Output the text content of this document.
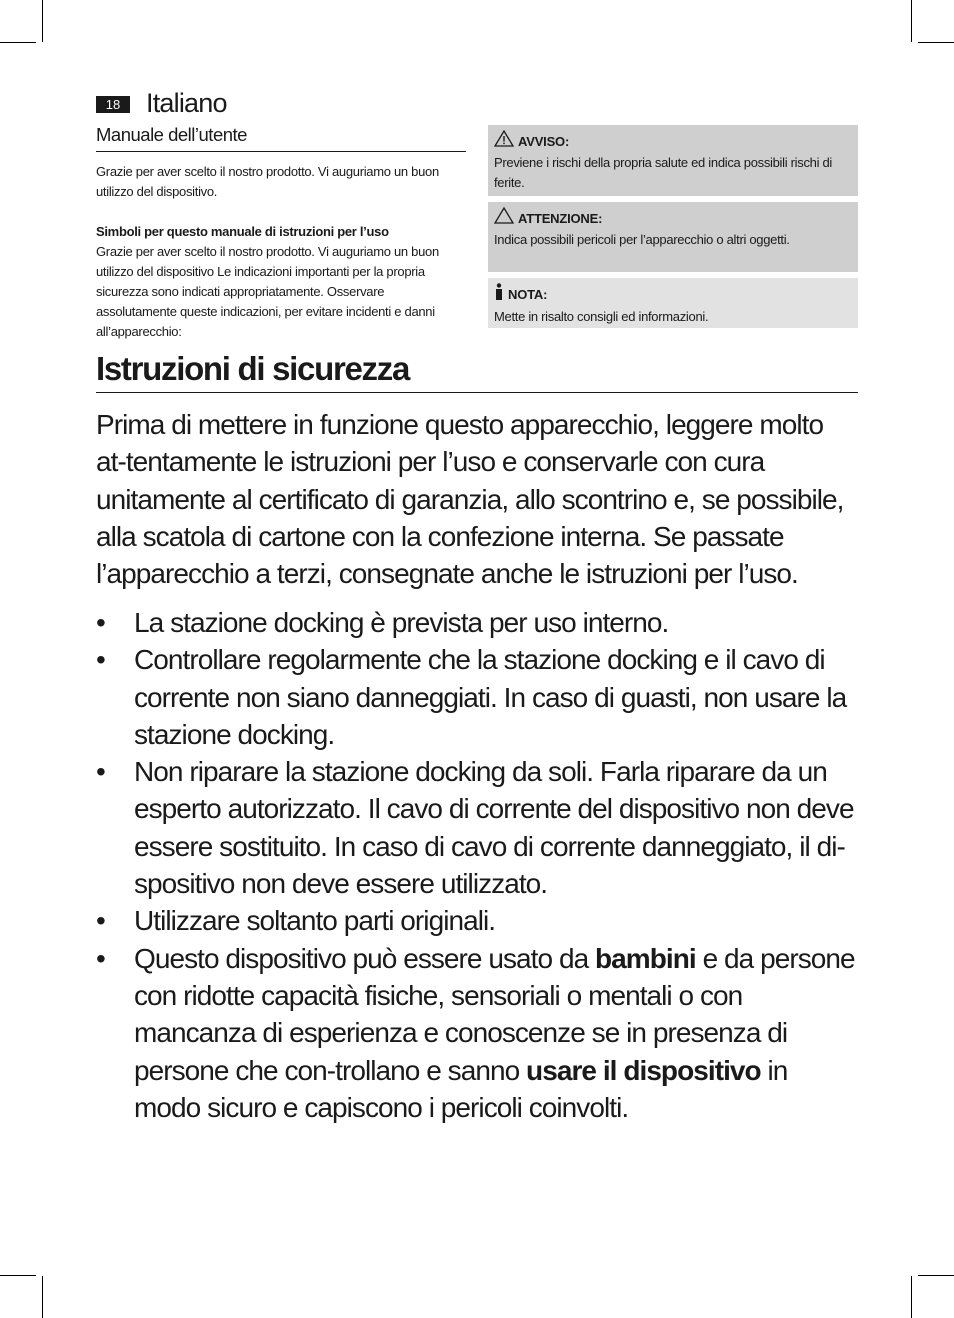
18 Italiano
Manuale dell’utente

Grazie per aver scelto il nostro prodotto. Vi auguriamo un buon utilizzo del dispositivo.

Simboli per questo manuale di istruzioni per l’uso

Grazie per aver scelto il nostro prodotto. Vi auguriamo un buon utilizzo del dispositivo Le indicazioni importanti per la propria sicurezza sono indicati appropriatamente. Osservare assolutamente queste indicazioni, per evitare incidenti e danni all’apparecchio:

AVVISO:
Previene i rischi della propria salute ed indica possibili rischi di ferite.
ATTENZIONE:
Indica possibili pericoli per l’apparecchio o altri oggetti.
NOTA:
Mette in risalto consigli ed informazioni.
Istruzioni di sicurezza

Prima di mettere in funzione questo apparecchio, leggere molto at-tentamente le istruzioni per l’uso e conservarle con cura unitamente al certificato di garanzia, allo scontrino e, se possibile, alla scatola di cartone con la confezione interna. Se passate l’apparecchio a terzi, consegnate anche le istruzioni per l’uso.

• La stazione docking è prevista per uso interno.
• Controllare regolarmente che la stazione docking e il cavo di corrente non siano danneggiati. In caso di guasti, non usare la stazione docking.
• Non riparare la stazione docking da soli. Farla riparare da un esperto autorizzato. Il cavo di corrente del dispositivo non deve essere sostituito. In caso di cavo di corrente danneggiato, il di-spositivo non deve essere utilizzato.
• Utilizzare soltanto parti originali.
• Questo dispositivo può essere usato da bambini e da persone con ridotte capacità fisiche, sensoriali o mentali o con mancanza di esperienza e conoscenze se in presenza di persone che con-trollano e sanno usare il dispositivo in modo sicuro e capiscono i pericoli coinvolti.
